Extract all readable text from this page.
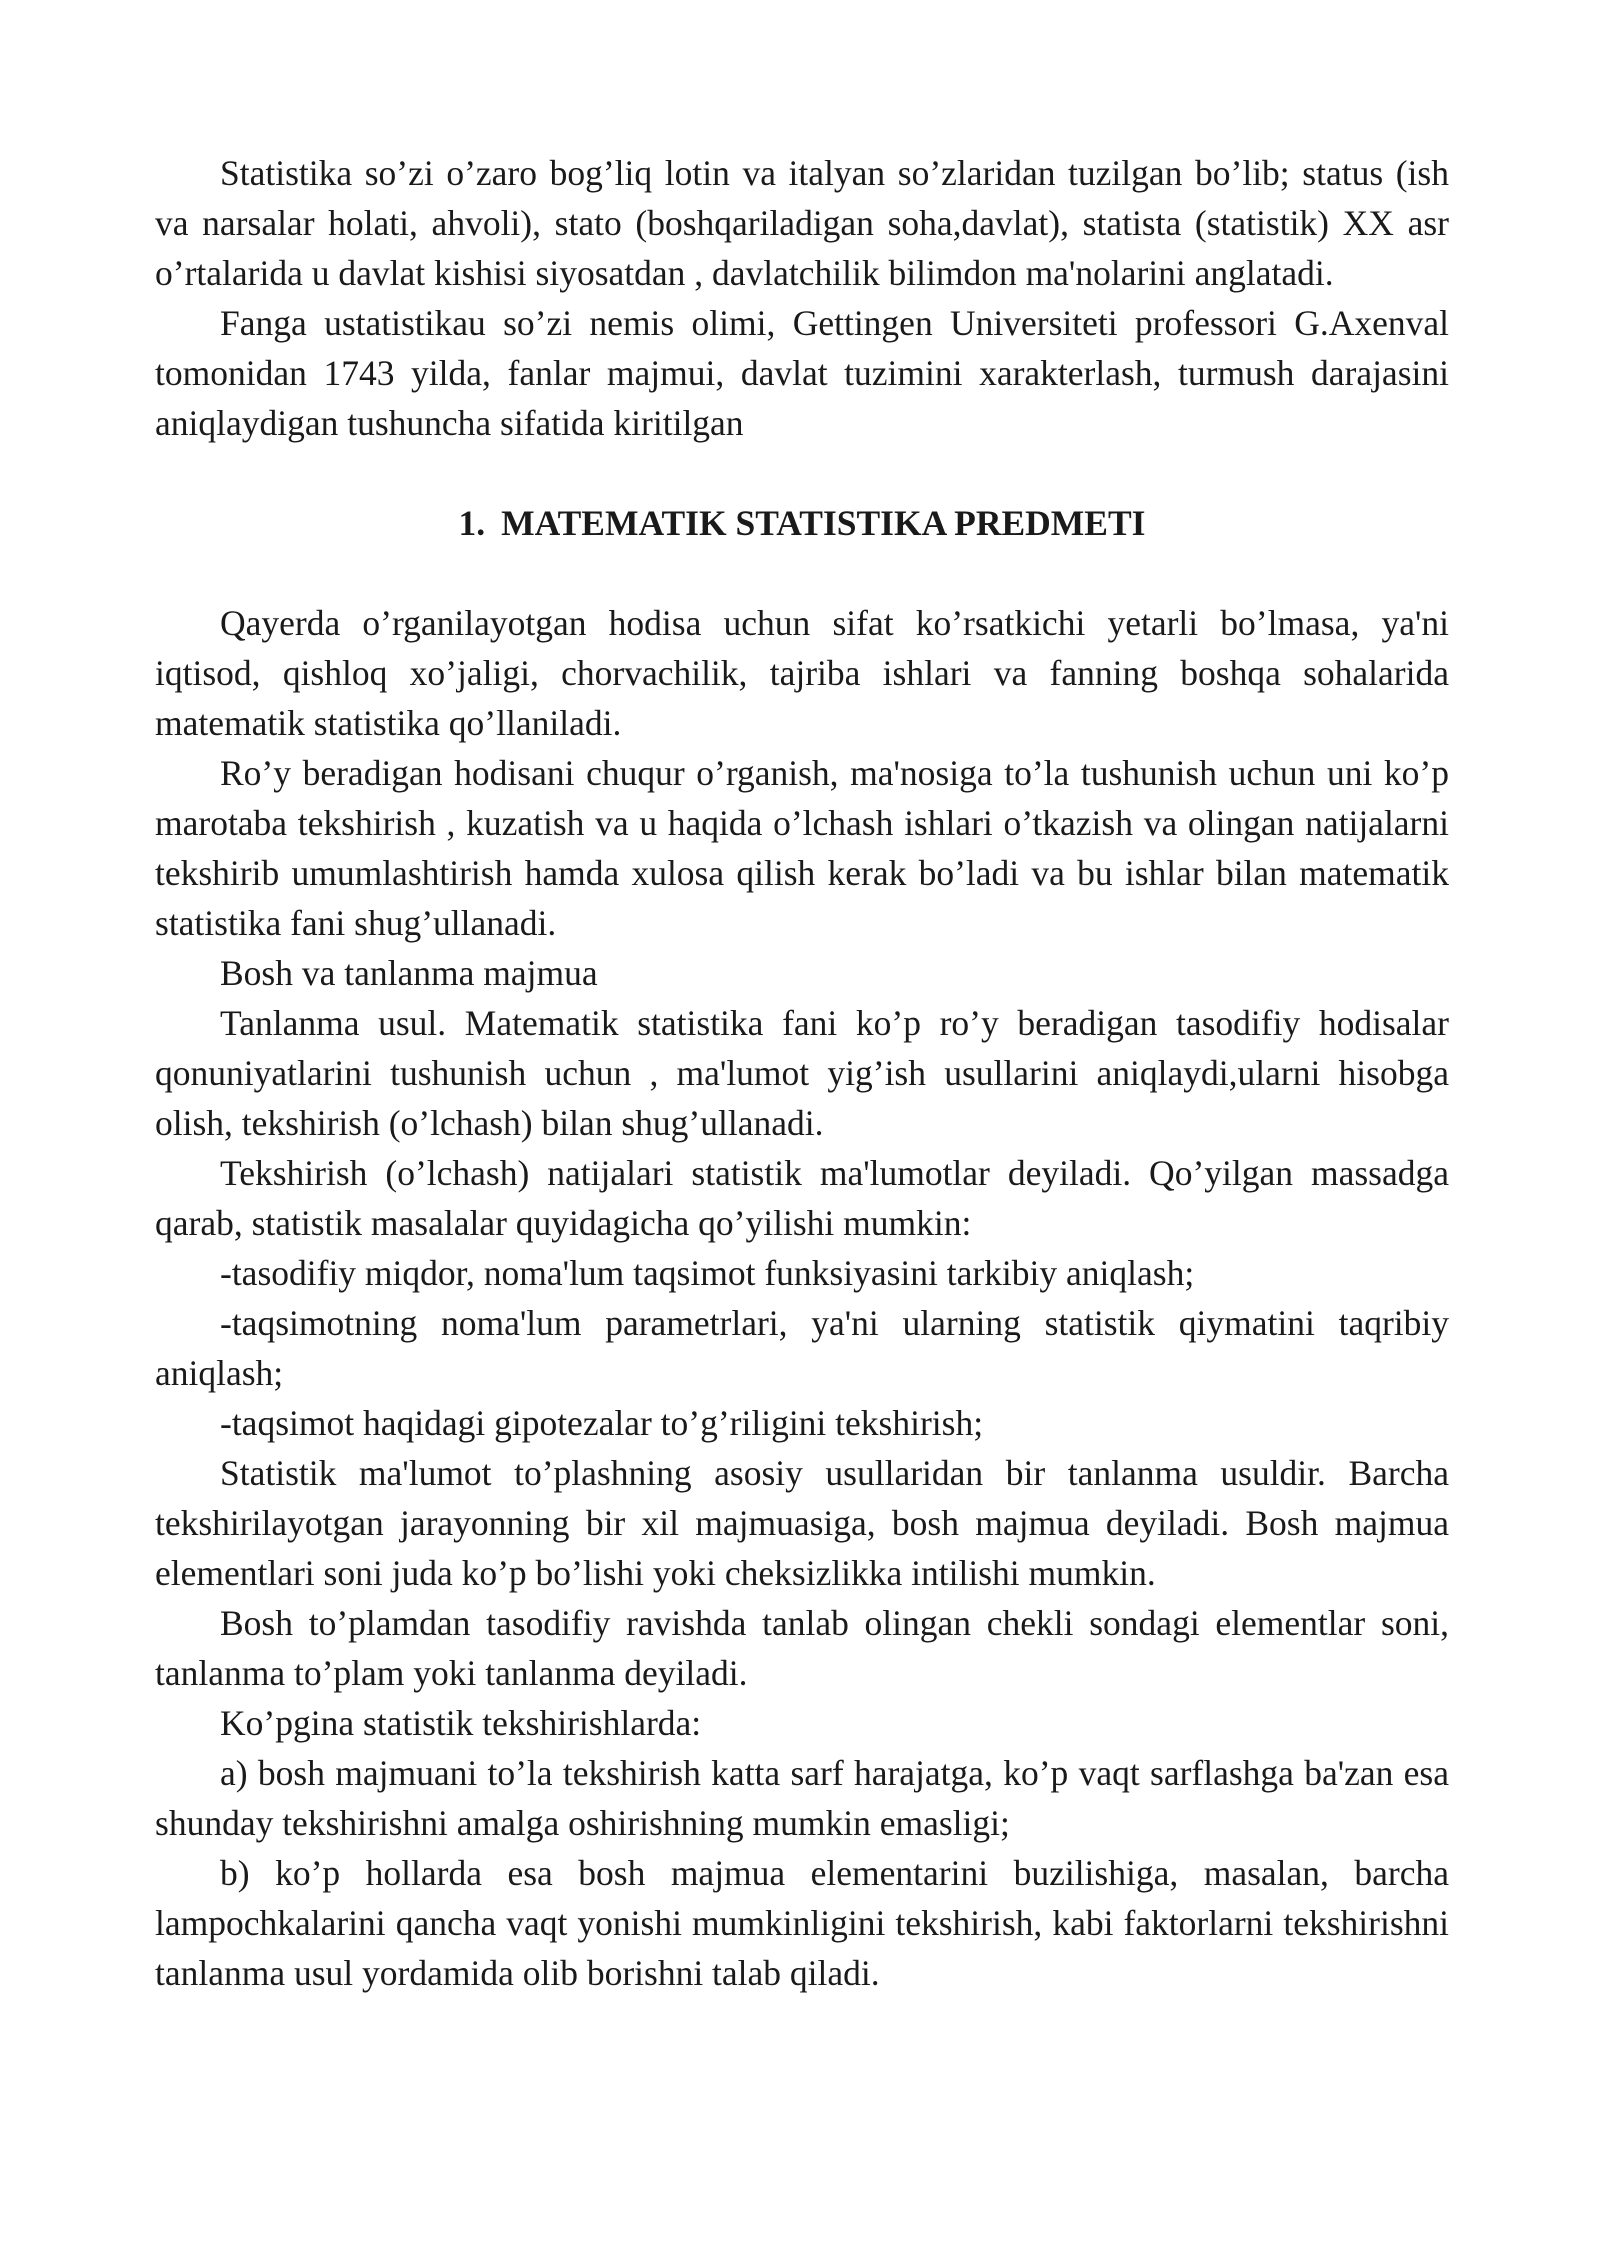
Statistika so’zi o’zaro bog’liq lotin va italyan so’zlaridan tuzilgan bo’lib; status (ish va narsalar holati, ahvoli), stato (boshqariladigan soha,davlat), statista (statistik) XX asr o’rtalarida u davlat kishisi siyosatdan , davlatchilik bilimdon ma'nolarini anglatadi.

Fanga ustatistikau so’zi nemis olimi, Gettingen Universiteti professori G.Axenval tomonidan 1743 yilda, fanlar majmui, davlat tuzimini xarakterlash, turmush darajasini aniqlaydigan tushuncha sifatida kiritilgan

1. MATEMATIK STATISTIKA PREDMETI

Qayerda o’rganilayotgan hodisa uchun sifat ko’rsatkichi yetarli bo’lmasa, ya'ni iqtisod, qishloq xo’jaligi, chorvachilik, tajriba ishlari va fanning boshqa sohalarida matematik statistika qo’llaniladi.

Ro’y beradigan hodisani chuqur o’rganish, ma'nosiga to’la tushunish uchun uni ko’p marotaba tekshirish , kuzatish va u haqida o’lchash ishlari o’tkazish va olingan natijalarni tekshirib umumlashtirish hamda xulosa qilish kerak bo’ladi va bu ishlar bilan matematik statistika fani shug’ullanadi.

Bosh va tanlanma majmua

Tanlanma usul. Matematik statistika fani ko’p ro’y beradigan tasodifiy hodisalar qonuniyatlarini tushunish uchun , ma'lumot yig’ish usullarini aniqlaydi,ularni hisobga olish, tekshirish (o’lchash) bilan shug’ullanadi.

Tekshirish (o’lchash) natijalari statistik ma'lumotlar deyiladi. Qo’yilgan massadga qarab, statistik masalalar quyidagicha qo’yilishi mumkin:

-tasodifiy miqdor, noma'lum taqsimot funksiyasini tarkibiy aniqlash;

-taqsimotning noma'lum parametrlari, ya'ni ularning statistik qiymatini taqribiy aniqlash;

-taqsimot haqidagi gipotezalar to’g’riligini tekshirish;

Statistik ma'lumot to’plashning asosiy usullaridan bir tanlanma usuldir. Barcha tekshirilayotgan jarayonning bir xil majmuasiga, bosh majmua deyiladi. Bosh majmua elementlari soni juda ko’p bo’lishi yoki cheksizlikka intilishi mumkin.

Bosh to’plamdan tasodifiy ravishda tanlab olingan chekli sondagi elementlar soni, tanlanma to’plam yoki tanlanma deyiladi.

Ko’pgina statistik tekshirishlarda:

a) bosh majmuani to’la tekshirish katta sarf harajatga, ko’p vaqt sarflashga ba'zan esa shunday tekshirishni amalga oshirishning mumkin emasligi;

b) ko’p hollarda esa bosh majmua elementarini buzilishiga, masalan, barcha lampochkalarini qancha vaqt yonishi mumkinligini tekshirish, kabi faktorlarni tekshirishni tanlanma usul yordamida olib borishni talab qiladi.
